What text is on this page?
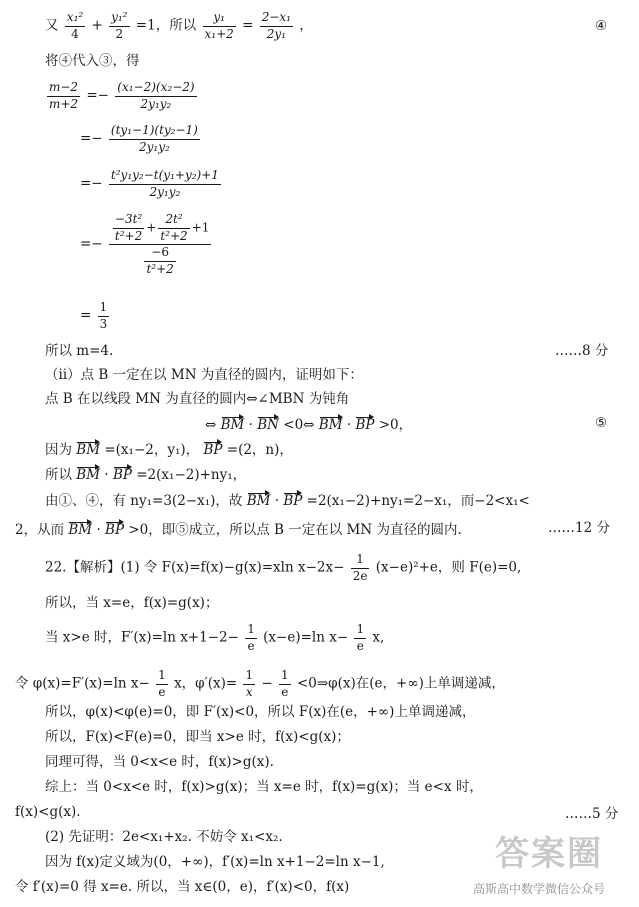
又 $\frac{\text{x₁²}}{4} + \frac{\text{y₁²}}{2} =1$，所以 $\frac{\text{y₁}}{\text{x₁+2}} = \frac{\text{2−x₁}}{\text{2y₁}}$ ，	④
将④代入③，得
$\frac{m-2}{m+2} =- \frac{\text{(x₁−2)(x₂−2)}}{\text{2y₁y₂}}$
=− $\frac{\text{(ty₁−1)(ty₂−1)}}{\text{2y₁y₂}}$
=− $\frac{\text{t²y₁y₂−t(y₁+y₂)+1}}{\text{2y₁y₂}}$
=− $\frac{\frac{\text{−3t²}}{\text{t²+2}} + \frac{\text{2t²}}{\text{t²+2}} +1}{\frac{-6}{\text{t²+2}}}$
= $\frac{1}{3}$
所以 m=4.	……8 分
（ⅱ）点 B 一定在以 MN 为直径的圆内，证明如下：
点 B 在以线段 MN 为直径的圆内⇔∠MBN 为钝角
⇔ BM · BN <0⇔ BM · BP >0，	⑤
因为 BM =(x₁−2，y₁)， BP =(2，n)，
所以 BM · BP =2(x₁−2)+ny₁，
由①、④，有 ny₁=3(2−x₁)，故 BM · BP =2(x₁−2)+ny₁=2−x₁，而−2<x₁<
2，从而 BM · BP >0，即⑤成立，所以点 B 一定在以 MN 为直径的圆内.	……12 分
22.【解析】(1) 令 F(x)=f(x)−g(x)=xln $x-2x- \frac{1}{2e} (x-e)^2+e$，则 F(e)=0,
所以，当 x=e，f(x)=g(x)；
当 x>e 时，F′(x)=ln $x+1-2- \frac{1}{e} (x-e)=\ln$ $x- \frac{1}{e} x$,
令 φ(x)=F′(x)=ln $x- \frac{1}{e}$ x，$\varphi'(x)= \frac{1}{x} - \frac{1}{e}$ <0⇒φ(x)在(e，+∞)上单调递减，
所以，φ(x)<φ(e)=0，即 F′(x)<0，所以 F(x)在(e，+∞)上单调递减，
所以，F(x)<F(e)=0，即当 x>e 时，f(x)<g(x)；
同理可得，当 0<x<e 时，f(x)>g(x).
综上：当 0<x<e 时，f(x)>g(x)；当 x=e 时，f(x)=g(x)；当 e<x 时，
f(x)<g(x).	……5 分
(2) 先证明：2e<x₁+x₂. 不妨令 x₁<x₂.
因为 f(x)定义域为(0，+∞)，f′(x)=ln x+1−2=ln x−1,
令 f′(x)=0 得 x=e. 所以，当 x∈(0，e)，f′(x)<0，f(x)
答案圈
高斯高中数学微信公众号
